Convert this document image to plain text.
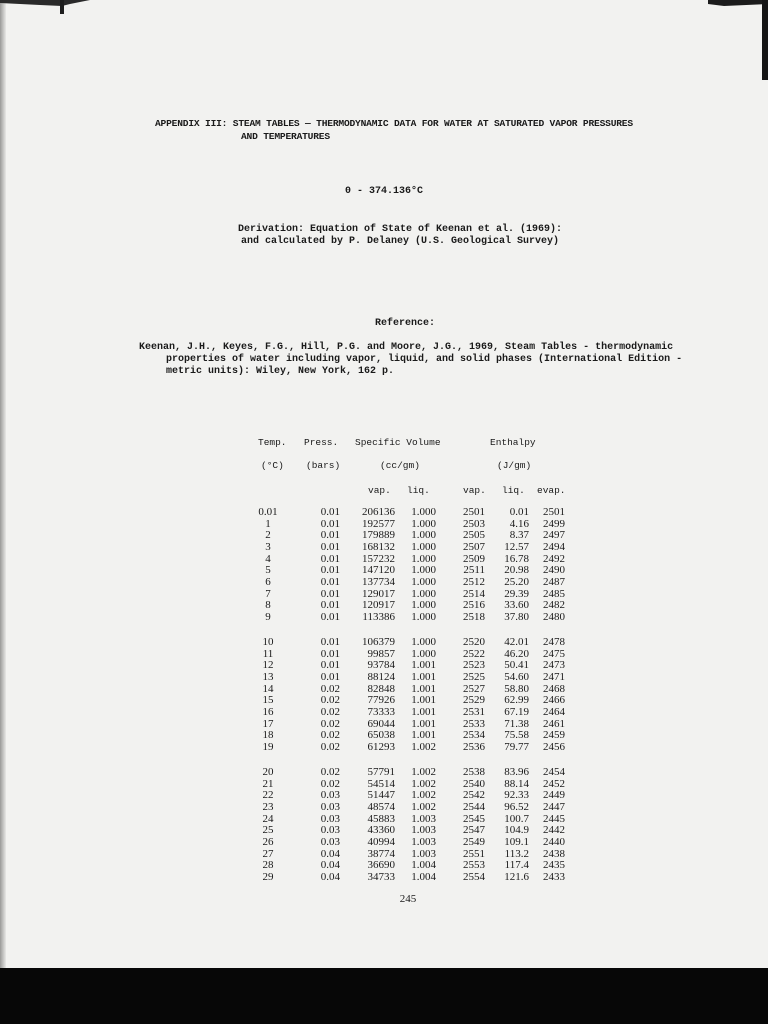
APPENDIX III: STEAM TABLES — THERMODYNAMIC DATA FOR WATER AT SATURATED VAPOR PRESSURES
AND TEMPERATURES
0 - 374.136°C
Derivation: Equation of State of Keenan et al. (1969):
and calculated by P. Delaney (U.S. Geological Survey)
Reference:
Keenan, J.H., Keyes, F.G., Hill, P.G. and Moore, J.G., 1969, Steam Tables - thermodynamic
properties of water including vapor, liquid, and solid phases (International Edition -
metric units): Wiley, New York, 162 p.
Temp. Press. Specific Volume	Enthalpy
(°C) (bars)	(cc/gm)	(J/gm)
vap. liq.	vap. liq. evap.
0.01	0.01	206136	1.000	2501	0.01	2501
1	0.01	192577	1.000	2503	4.16	2499
2	0.01	179889	1.000	2505	8.37	2497
3	0.01	168132	1.000	2507	12.57	2494
4	0.01	157232	1.000	2509	16.78	2492
5	0.01	147120	1.000	2511	20.98	2490
6	0.01	137734	1.000	2512	25.20	2487
7	0.01	129017	1.000	2514	29.39	2485
8	0.01	120917	1.000	2516	33.60	2482
9	0.01	113386	1.000	2518	37.80	2480
10	0.01	106379	1.000	2520	42.01	2478
11	0.01	99857	1.000	2522	46.20	2475
12	0.01	93784	1.001	2523	50.41	2473
13	0.01	88124	1.001	2525	54.60	2471
14	0.02	82848	1.001	2527	58.80	2468
15	0.02	77926	1.001	2529	62.99	2466
16	0.02	73333	1.001	2531	67.19	2464
17	0.02	69044	1.001	2533	71.38	2461
18	0.02	65038	1.001	2534	75.58	2459
19	0.02	61293	1.002	2536	79.77	2456
20	0.02	57791	1.002	2538	83.96	2454
21	0.02	54514	1.002	2540	88.14	2452
22	0.03	51447	1.002	2542	92.33	2449
23	0.03	48574	1.002	2544	96.52	2447
24	0.03	45883	1.003	2545	100.7	2445
25	0.03	43360	1.003	2547	104.9	2442
26	0.03	40994	1.003	2549	109.1	2440
27	0.04	38774	1.003	2551	113.2	2438
28	0.04	36690	1.004	2553	117.4	2435
29	0.04	34733	1.004	2554	121.6	2433
245
